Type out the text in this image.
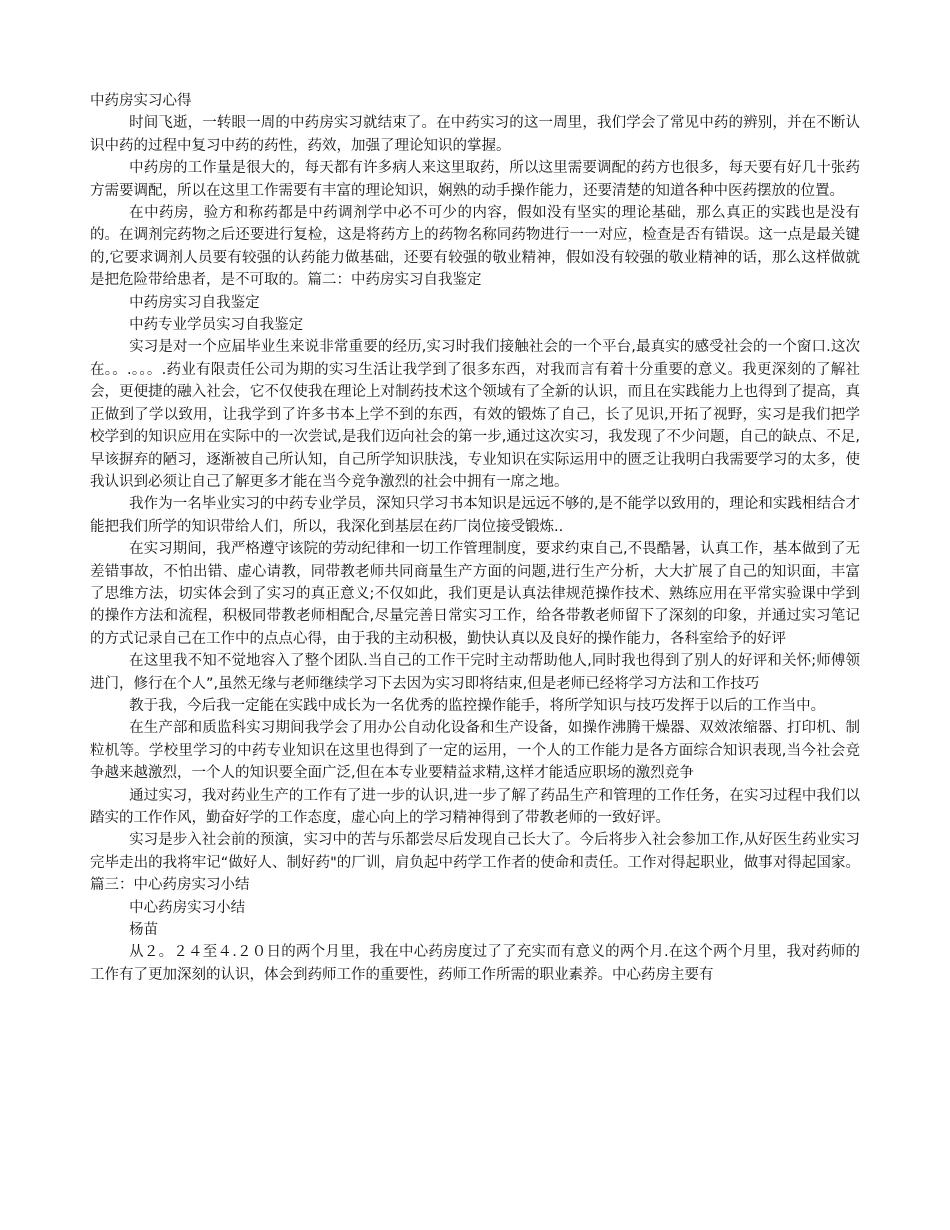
中药房实习心得

时间飞逝，一转眼一周的中药房实习就结束了。在中药实习的这一周里，我们学会了常见中药的辨别，并在不断认识中药的过程中复习中药的药性，药效，加强了理论知识的掌握。

中药房的工作量是很大的，每天都有许多病人来这里取药，所以这里需要调配的药方也很多，每天要有好几十张药方需要调配，所以在这里工作需要有丰富的理论知识，娴熟的动手操作能力，还要清楚的知道各种中医药摆放的位置。

在中药房，验方和称药都是中药调剂学中必不可少的内容，假如没有坚实的理论基础，那么真正的实践也是没有的。在调剂完药物之后还要进行复检，这是将药方上的药物名称同药物进行一一对应，检查是否有错误。这一点是最关键的,它要求调剂人员要有较强的认药能力做基础，还要有较强的敬业精神，假如没有较强的敬业精神的话，那么这样做就是把危险带给患者，是不可取的。篇二：中药房实习自我鉴定

中药房实习自我鉴定

中药专业学员实习自我鉴定

实习是对一个应届毕业生来说非常重要的经历,实习时我们接触社会的一个平台,最真实的感受社会的一个窗口.这次在。。.。。。.药业有限责任公司为期的实习生活让我学到了很多东西，对我而言有着十分重要的意义。我更深刻的了解社会，更便捷的融入社会，它不仅使我在理论上对制药技术这个领域有了全新的认识，而且在实践能力上也得到了提高，真正做到了学以致用，让我学到了许多书本上学不到的东西，有效的锻炼了自己，长了见识,开拓了视野，实习是我们把学校学到的知识应用在实际中的一次尝试,是我们迈向社会的第一步,通过这次实习，我发现了不少问题，自己的缺点、不足,早该摒弃的陋习，逐渐被自己所认知，自己所学知识肤浅，专业知识在实际运用中的匮乏让我明白我需要学习的太多，使我认识到必须让自己了解更多才能在当今竞争激烈的社会中拥有一席之地。

我作为一名毕业实习的中药专业学员，深知只学习书本知识是远远不够的,是不能学以致用的，理论和实践相结合才能把我们所学的知识带给人们，所以，我深化到基层在药厂岗位接受锻炼..

在实习期间，我严格遵守该院的劳动纪律和一切工作管理制度，要求约束自己,不畏酷暑，认真工作，基本做到了无差错事故，不怕出错、虚心请教，同带教老师共同商量生产方面的问题,进行生产分析，大大扩展了自己的知识面，丰富了思维方法，切实体会到了实习的真正意义;不仅如此，我们更是认真法律规范操作技术、熟练应用在平常实验课中学到的操作方法和流程，积极同带教老师相配合,尽量完善日常实习工作，给各带教老师留下了深刻的印象，并通过实习笔记的方式记录自己在工作中的点点心得，由于我的主动积极，勤快认真以及良好的操作能力，各科室给予的好评

在这里我不知不觉地容入了整个团队.当自己的工作干完时主动帮助他人,同时我也得到了别人的好评和关怀;师傅领进门，修行在个人”,虽然无缘与老师继续学习下去因为实习即将结束,但是老师已经将学习方法和工作技巧

教于我，今后我一定能在实践中成长为一名优秀的监控操作能手，将所学知识与技巧发挥于以后的工作当中。

在生产部和质监科实习期间我学会了用办公自动化设备和生产设备，如操作沸腾干燥器、双效浓缩器、打印机、制粒机等。学校里学习的中药专业知识在这里也得到了一定的运用，一个人的工作能力是各方面综合知识表现,当今社会竞争越来越激烈，一个人的知识要全面广泛,但在本专业要精益求精,这样才能适应职场的激烈竞争

通过实习，我对药业生产的工作有了进一步的认识,进一步了解了药品生产和管理的工作任务，在实习过程中我们以踏实的工作作风，勤奋好学的工作态度，虚心向上的学习精神得到了带教老师的一致好评。

实习是步入社会前的预演，实习中的苦与乐都尝尽后发现自己长大了。今后将步入社会参加工作,从好医生药业实习完毕走出的我将牢记“做好人、制好药"的厂训，肩负起中药学工作者的使命和责任。工作对得起职业，做事对得起国家。篇三：中心药房实习小结

中心药房实习小结

杨苗

从２。２４至４.２０日的两个月里，我在中心药房度过了了充实而有意义的两个月.在这个两个月里，我对药师的工作有了更加深刻的认识，体会到药师工作的重要性，药师工作所需的职业素养。中心药房主要有
